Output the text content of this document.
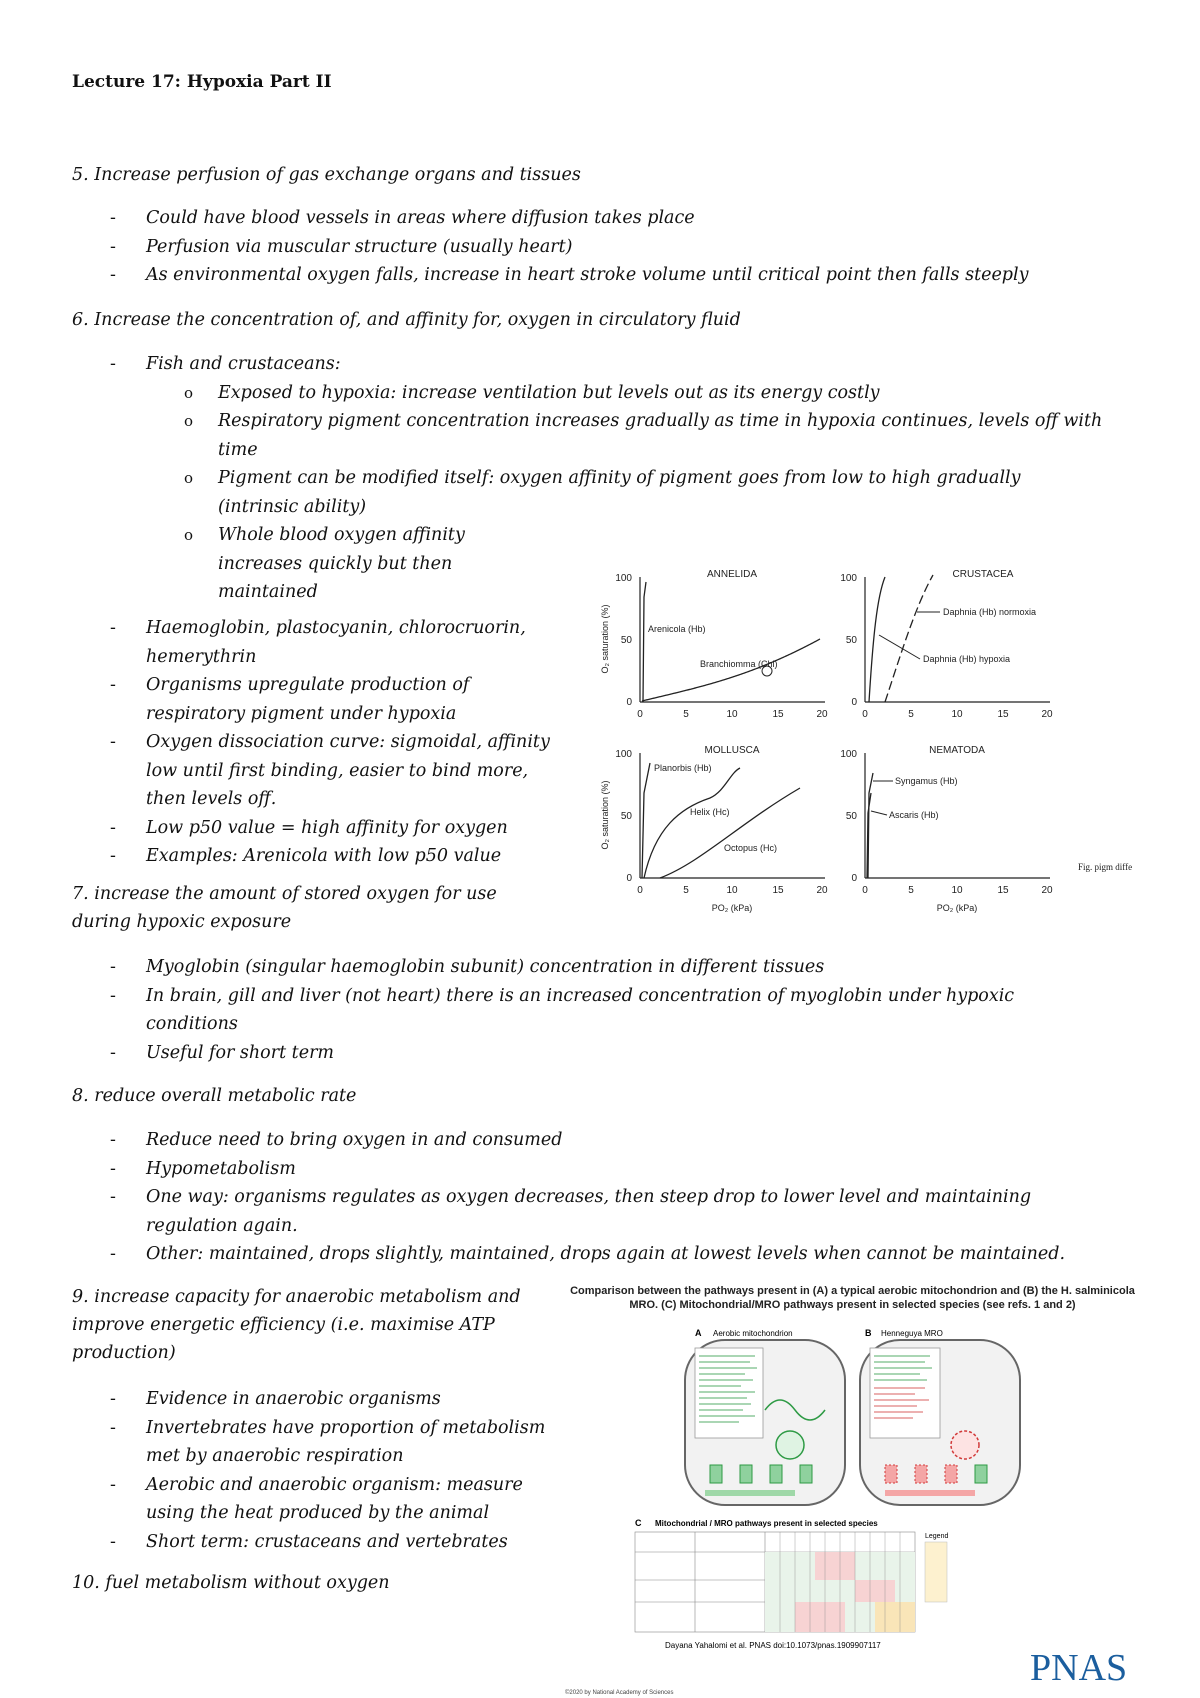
Lecture 17: Hypoxia Part II
5. Increase perfusion of gas exchange organs and tissues
- Could have blood vessels in areas where diffusion takes place
- Perfusion via muscular structure (usually heart)
- As environmental oxygen falls, increase in heart stroke volume until critical point then falls steeply
6. Increase the concentration of, and affinity for, oxygen in circulatory fluid
- Fish and crustaceans:
o Exposed to hypoxia: increase ventilation but levels out as its energy costly
o Respiratory pigment concentration increases gradually as time in hypoxia continues, levels off with time
o Pigment can be modified itself: oxygen affinity of pigment goes from low to high gradually (intrinsic ability)
o Whole blood oxygen affinity increases quickly but then maintained
- Haemoglobin, plastocyanin, chlorocruorin, hemerythrin
- Organisms upregulate production of respiratory pigment under hypoxia
- Oxygen dissociation curve: sigmoidal, affinity low until first binding, easier to bind more, then levels off.
- Low p50 value = high affinity for oxygen
- Examples: Arenicola with low p50 value
ANNELIDA
100
50
0
0	5	10	15	20
Arenicola (Hb)
Branchiomma (Chl)
O₂ saturation (%)
CRUSTACEA
100
50
0
0	5	10	15	20
Daphnia (Hb) normoxia
Daphnia (Hb) hypoxia
MOLLUSCA
100
50
0
0	5	10	15	20
Planorbis (Hb)
Helix (Hc)
Octopus (Hc)
PO₂ (kPa)
O₂ saturation (%)
NEMATODA
100
50
0
0	5	10	15	20
Syngamus (Hb)
Ascaris (Hb)
PO₂ (kPa)
Fig. pigm diffe
7. increase the amount of stored oxygen for use during hypoxic exposure
- Myoglobin (singular haemoglobin subunit) concentration in different tissues
- In brain, gill and liver (not heart) there is an increased concentration of myoglobin under hypoxic conditions
- Useful for short term
8. reduce overall metabolic rate
- Reduce need to bring oxygen in and consumed
- Hypometabolism
- One way: organisms regulates as oxygen decreases, then steep drop to lower level and maintaining regulation again.
- Other: maintained, drops slightly, maintained, drops again at lowest levels when cannot be maintained.
9. increase capacity for anaerobic metabolism and improve energetic efficiency (i.e. maximise ATP production)
- Evidence in anaerobic organisms
- Invertebrates have proportion of metabolism met by anaerobic respiration
- Aerobic and anaerobic organism: measure using the heat produced by the animal
- Short term: crustaceans and vertebrates
10. fuel metabolism without oxygen
Comparison between the pathways present in (A) a typical aerobic mitochondrion and (B) the H. salminicola MRO. (C) Mitochondrial/MRO pathways present in selected species (see refs. 1 and 2)
A Aerobic mitochondrion	B Henneguya MRO
C Mitochondrial / MRO pathways present in selected species
Legend
Dayana Yahalomi et al. PNAS doi:10.1073/pnas.1909907117
PNAS
©2020 by National Academy of Sciences
